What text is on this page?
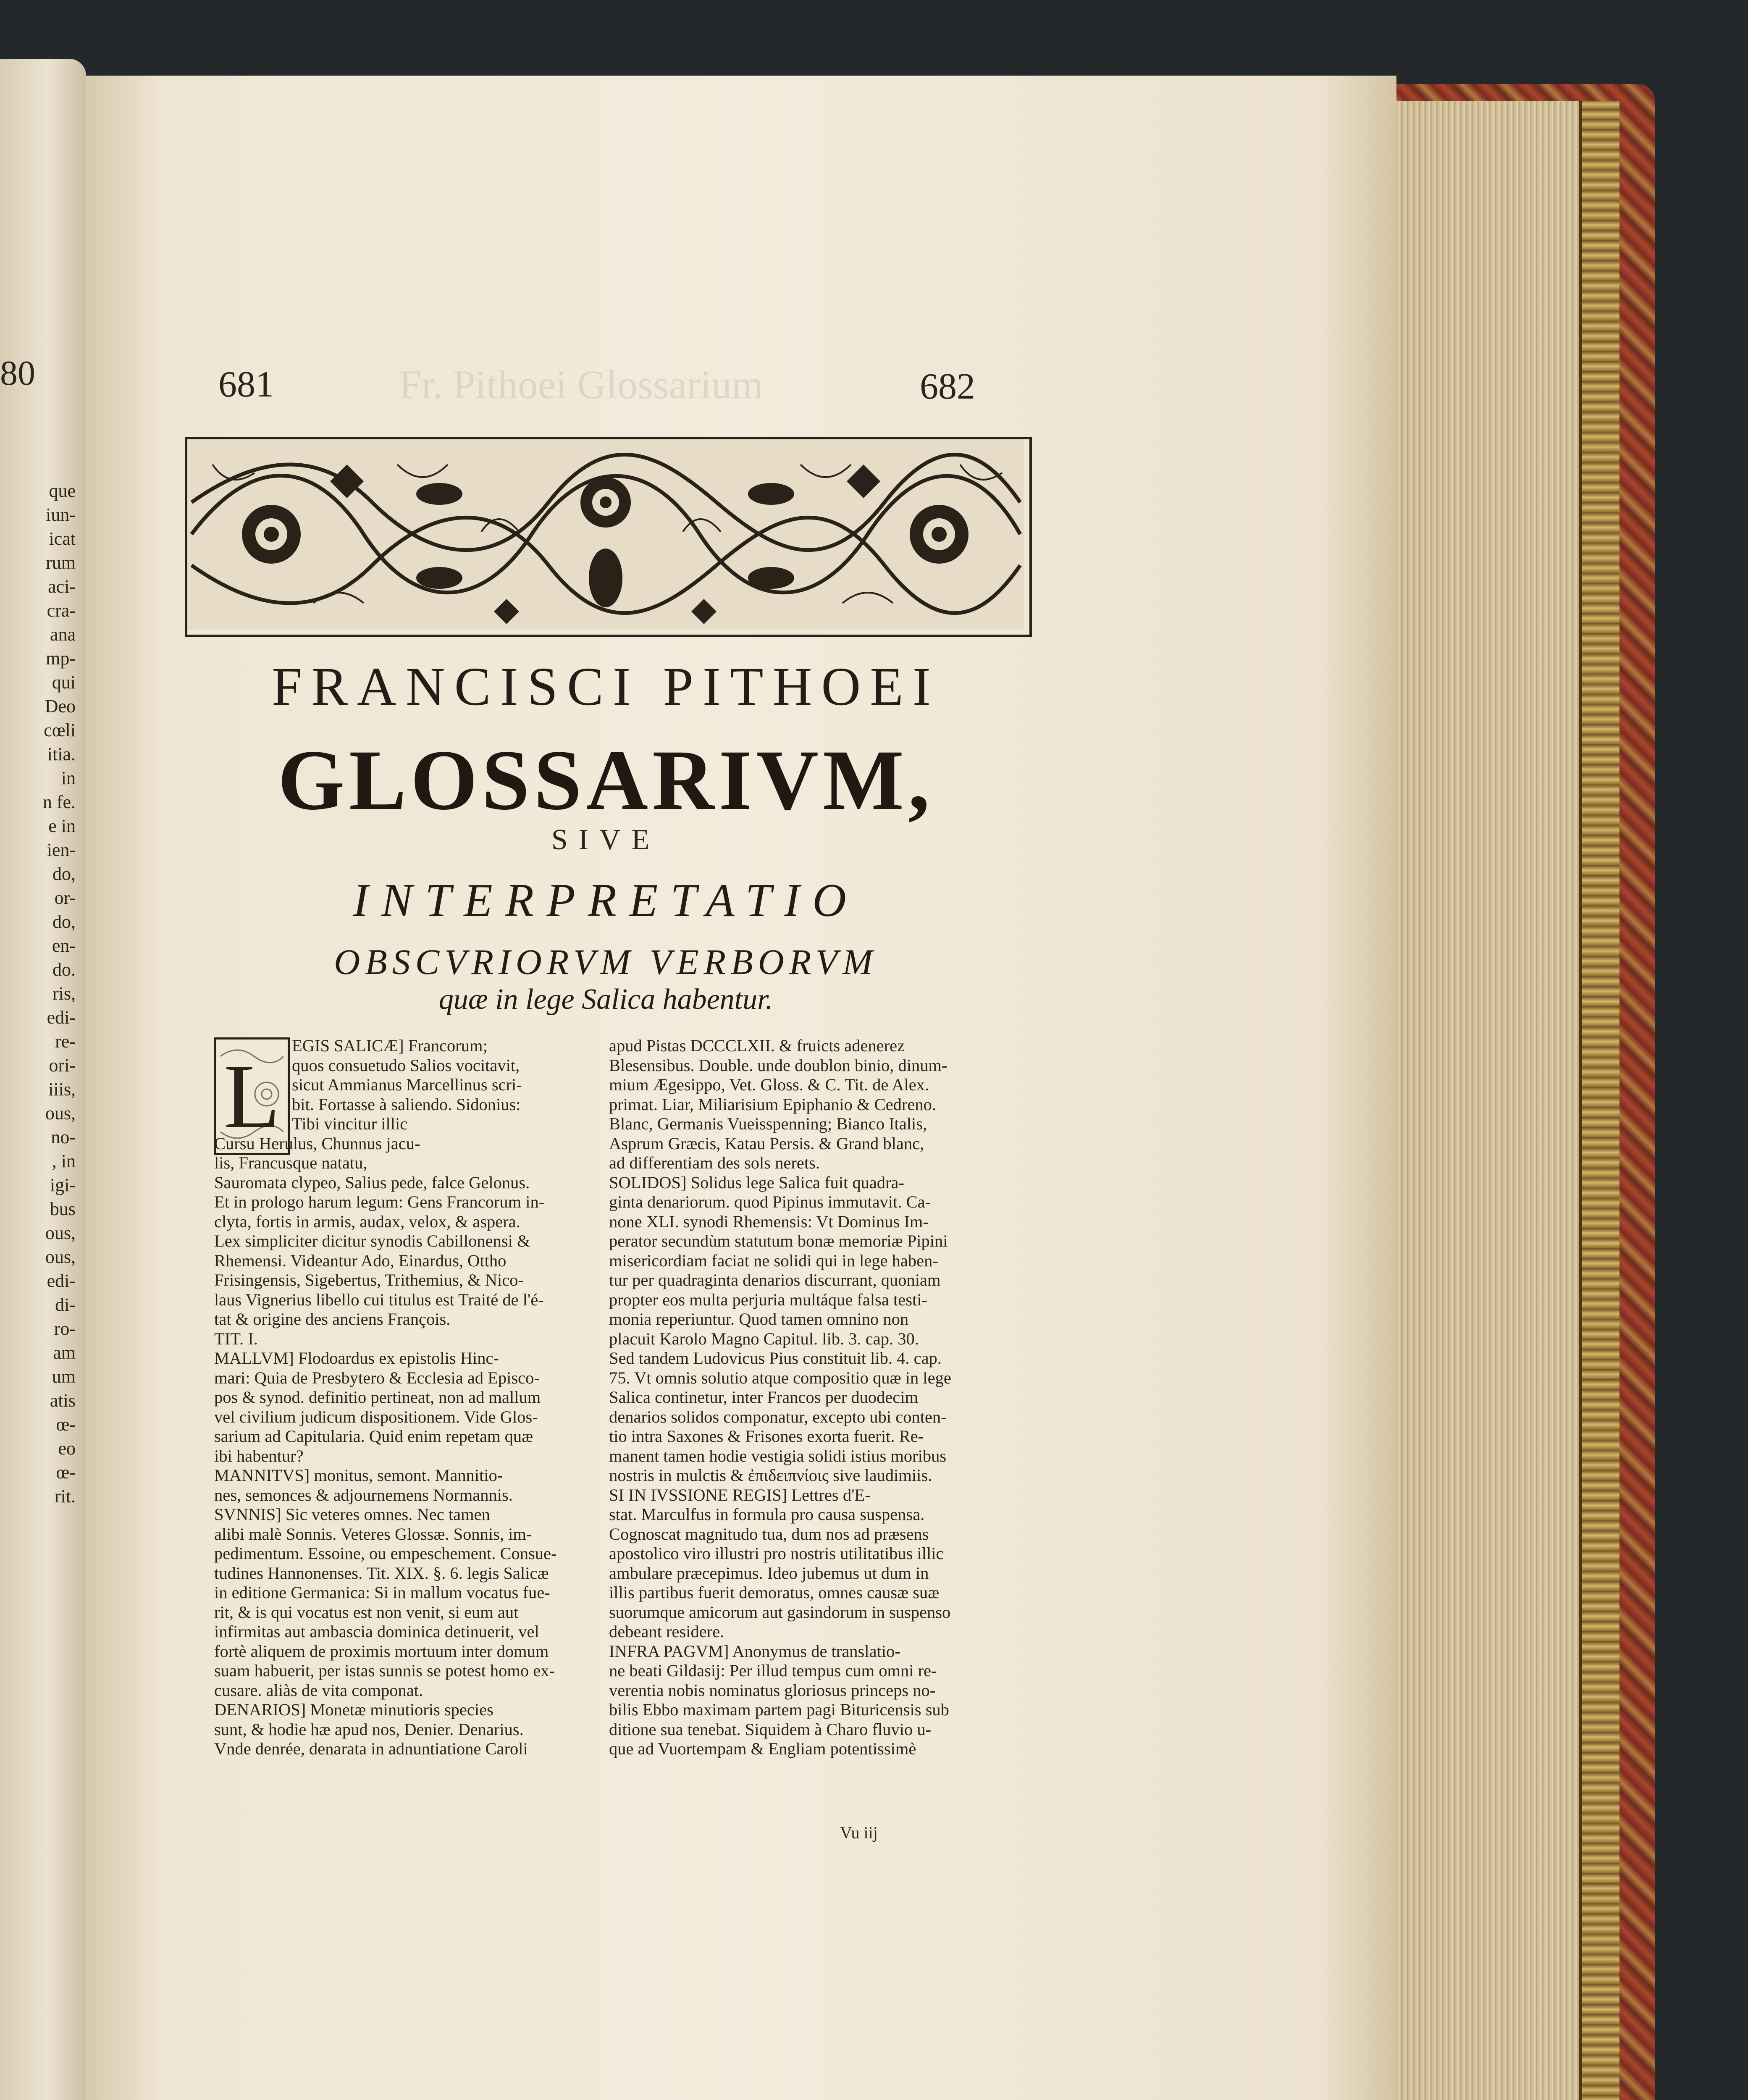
80
que
iun-
icat
rum
aci-
cra-
ana
mp-
qui
Deo
cœli
itia.
in
n fe.
e in
ien-
do,
or-
do,
en-
do.
ris,
edi-
re-
ori-
iiis,
ous,
no-
, in
igi-
bus
ous,
ous,
edi-
di-
ro-
am
um
atis
œ-
eo
œ-
rit.
Fr. Pithoei Glossarium
681	682
FRANCISCI PITHOEI
GLOSSARIVM,
SIVE
INTERPRETATIO
OBSCVRIORVM VERBORVM
quæ in lege Salica habentur.
L EGIS SALICÆ] Francorum;
quos consuetudo Salios vocitavit,
sicut Ammianus Marcellinus scri-
bit. Fortasse à saliendo. Sidonius:
Tibi vincitur illic
Cursu Herulus, Chunnus jacu-
lis, Francusque natatu,
Sauromata clypeo, Salius pede, falce Gelonus.
Et in prologo harum legum: Gens Francorum in-
clyta, fortis in armis, audax, velox, & aspera.
Lex simpliciter dicitur synodis Cabillonensi &
Rhemensi. Videantur Ado, Einardus, Ottho
Frisingensis, Sigebertus, Trithemius, & Nico-
laus Vignerius libello cui titulus est Traité de l'é-
tat & origine des anciens François.
TIT. I.
MALLVM] Flodoardus ex epistolis Hinc-
mari: Quia de Presbytero & Ecclesia ad Episco-
pos & synod. definitio pertineat, non ad mallum
vel civilium judicum dispositionem. Vide Glos-
sarium ad Capitularia. Quid enim repetam quæ
ibi habentur?
MANNITVS] monitus, semont. Mannitio-
nes, semonces & adjournemens Normannis.
SVNNIS] Sic veteres omnes. Nec tamen
alibi malè Sonnis. Veteres Glossæ. Sonnis, im-
pedimentum. Essoine, ou empeschement. Consue-
tudines Hannonenses. Tit. XIX. §. 6. legis Salicæ
in editione Germanica: Si in mallum vocatus fue-
rit, & is qui vocatus est non venit, si eum aut
infirmitas aut ambascia dominica detinuerit, vel
fortè aliquem de proximis mortuum inter domum
suam habuerit, per istas sunnis se potest homo ex-
cusare. aliàs de vita componat.
DENARIOS] Monetæ minutioris species
sunt, & hodie hæ apud nos, Denier. Denarius.
Vnde denrée, denarata in adnuntiatione Caroli
apud Pistas DCCCLXII. & fruicts adenerez
Blesensibus. Double. unde doublon binio, dinum-
mium Ægesippo, Vet. Gloss. & C. Tit. de Alex.
primat. Liar, Miliarisium Epiphanio & Cedreno.
Blanc, Germanis Vueisspenning; Bianco Italis,
Asprum Græcis, Katau Persis. & Grand blanc,
ad differentiam des sols nerets.
SOLIDOS] Solidus lege Salica fuit quadra-
ginta denariorum. quod Pipinus immutavit. Ca-
none XLI. synodi Rhemensis: Vt Dominus Im-
perator secundùm statutum bonæ memoriæ Pipini
misericordiam faciat ne solidi qui in lege haben-
tur per quadraginta denarios discurrant, quoniam
propter eos multa perjuria multáque falsa testi-
monia reperiuntur. Quod tamen omnino non
placuit Karolo Magno Capitul. lib. 3. cap. 30.
Sed tandem Ludovicus Pius constituit lib. 4. cap.
75. Vt omnis solutio atque compositio quæ in lege
Salica continetur, inter Francos per duodecim
denarios solidos componatur, excepto ubi conten-
tio intra Saxones & Frisones exorta fuerit. Re-
manent tamen hodie vestigia solidi istius moribus
nostris in mulctis & ἐπιδειπνίοις sive laudimiis.
SI IN IVSSIONE REGIS] Lettres d'E-
stat. Marculfus in formula pro causa suspensa.
Cognoscat magnitudo tua, dum nos ad præsens
apostolico viro illustri pro nostris utilitatibus illic
ambulare præcepimus. Ideo jubemus ut dum in
illis partibus fuerit demoratus, omnes causæ suæ
suorumque amicorum aut gasindorum in suspenso
debeant residere.
INFRA PAGVM] Anonymus de translatio-
ne beati Gildasij: Per illud tempus cum omni re-
verentia nobis nominatus gloriosus princeps no-
bilis Ebbo maximam partem pagi Bituricensis sub
ditione sua tenebat. Siquidem à Charo fluvio u-
que ad Vuortempam & Engliam potentissimè
Vu iij
